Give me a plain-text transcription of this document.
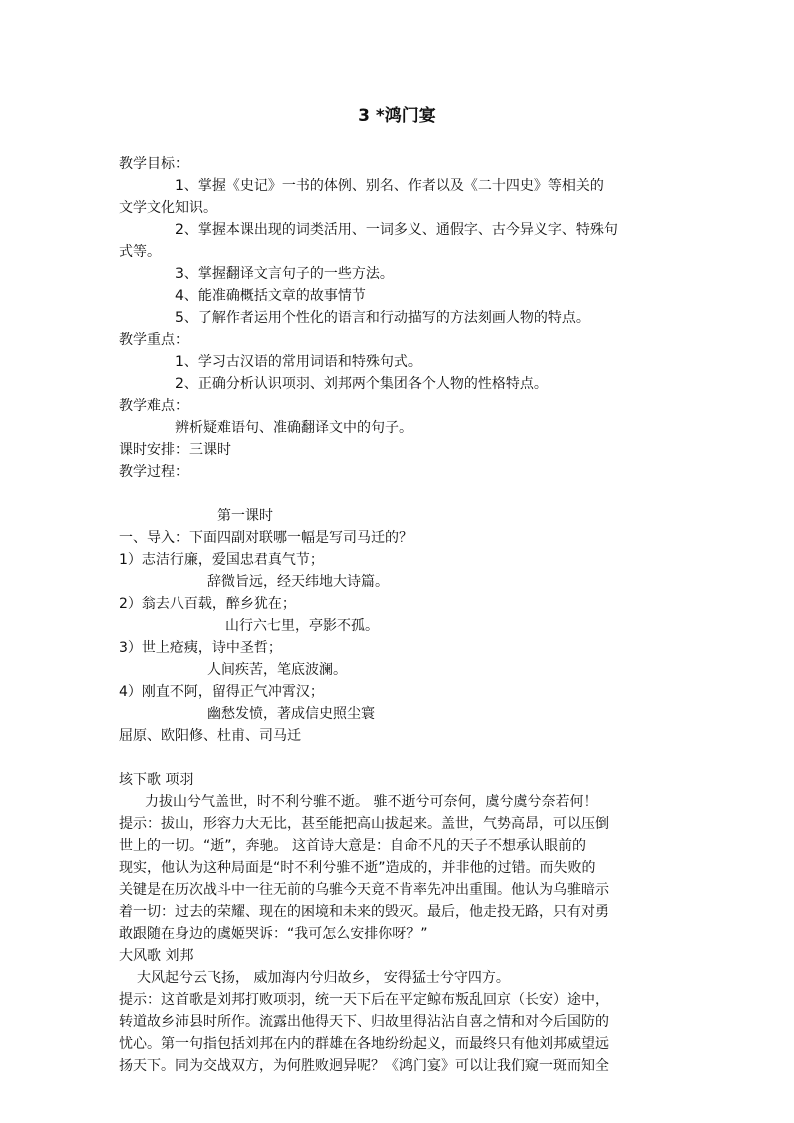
3 *鸿门宴
教学目标：
1、掌握《史记》一书的体例、别名、作者以及《二十四史》等相关的
文学文化知识。
2、掌握本课出现的词类活用、一词多义、通假字、古今异义字、特殊句
式等。
3、掌握翻译文言句子的一些方法。
4、能准确概括文章的故事情节
5、了解作者运用个性化的语言和行动描写的方法刻画人物的特点。
教学重点：
1、学习古汉语的常用词语和特殊句式。
2、正确分析认识项羽、刘邦两个集团各个人物的性格特点。
教学难点：
辨析疑难语句、准确翻译文中的句子。
课时安排：三课时
教学过程：
第一课时
一、导入：下面四副对联哪一幅是写司马迁的？
1）志洁行廉，爱国忠君真气节；
辞微旨远，经天纬地大诗篇。
2）翁去八百载，醉乡犹在；
山行六七里，亭影不孤。
3）世上疮痍，诗中圣哲；
人间疾苦，笔底波澜。
4）刚直不阿，留得正气冲霄汉；
幽愁发愤，著成信史照尘寰
屈原、欧阳修、杜甫、司马迁
垓下歌 项羽
力拔山兮气盖世，时不利兮骓不逝。 骓不逝兮可奈何，虞兮虞兮奈若何！
提示：拔山，形容力大无比，甚至能把高山拔起来。盖世，气势高昂，可以压倒
世上的一切。“逝”，奔驰。 这首诗大意是：自命不凡的天子不想承认眼前的
现实，他认为这种局面是“时不利兮骓不逝”造成的，并非他的过错。而失败的
关键是在历次战斗中一往无前的乌骓今天竟不肯率先冲出重围。他认为乌骓暗示
着一切：过去的荣耀、现在的困境和未来的毁灭。最后，他走投无路，只有对勇
敢跟随在身边的虞姬哭诉：“我可怎么安排你呀？”
大风歌 刘邦
大风起兮云飞扬， 威加海内兮归故乡， 安得猛士兮守四方。
提示：这首歌是刘邦打败项羽，统一天下后在平定鲸布叛乱回京（长安）途中，
转道故乡沛县时所作。流露出他得天下、归故里得沾沾自喜之情和对今后国防的
忧心。第一句指包括刘邦在内的群雄在各地纷纷起义，而最终只有他刘邦威望远
扬天下。同为交战双方，为何胜败迥异呢？《鸿门宴》可以让我们窥一斑而知全
